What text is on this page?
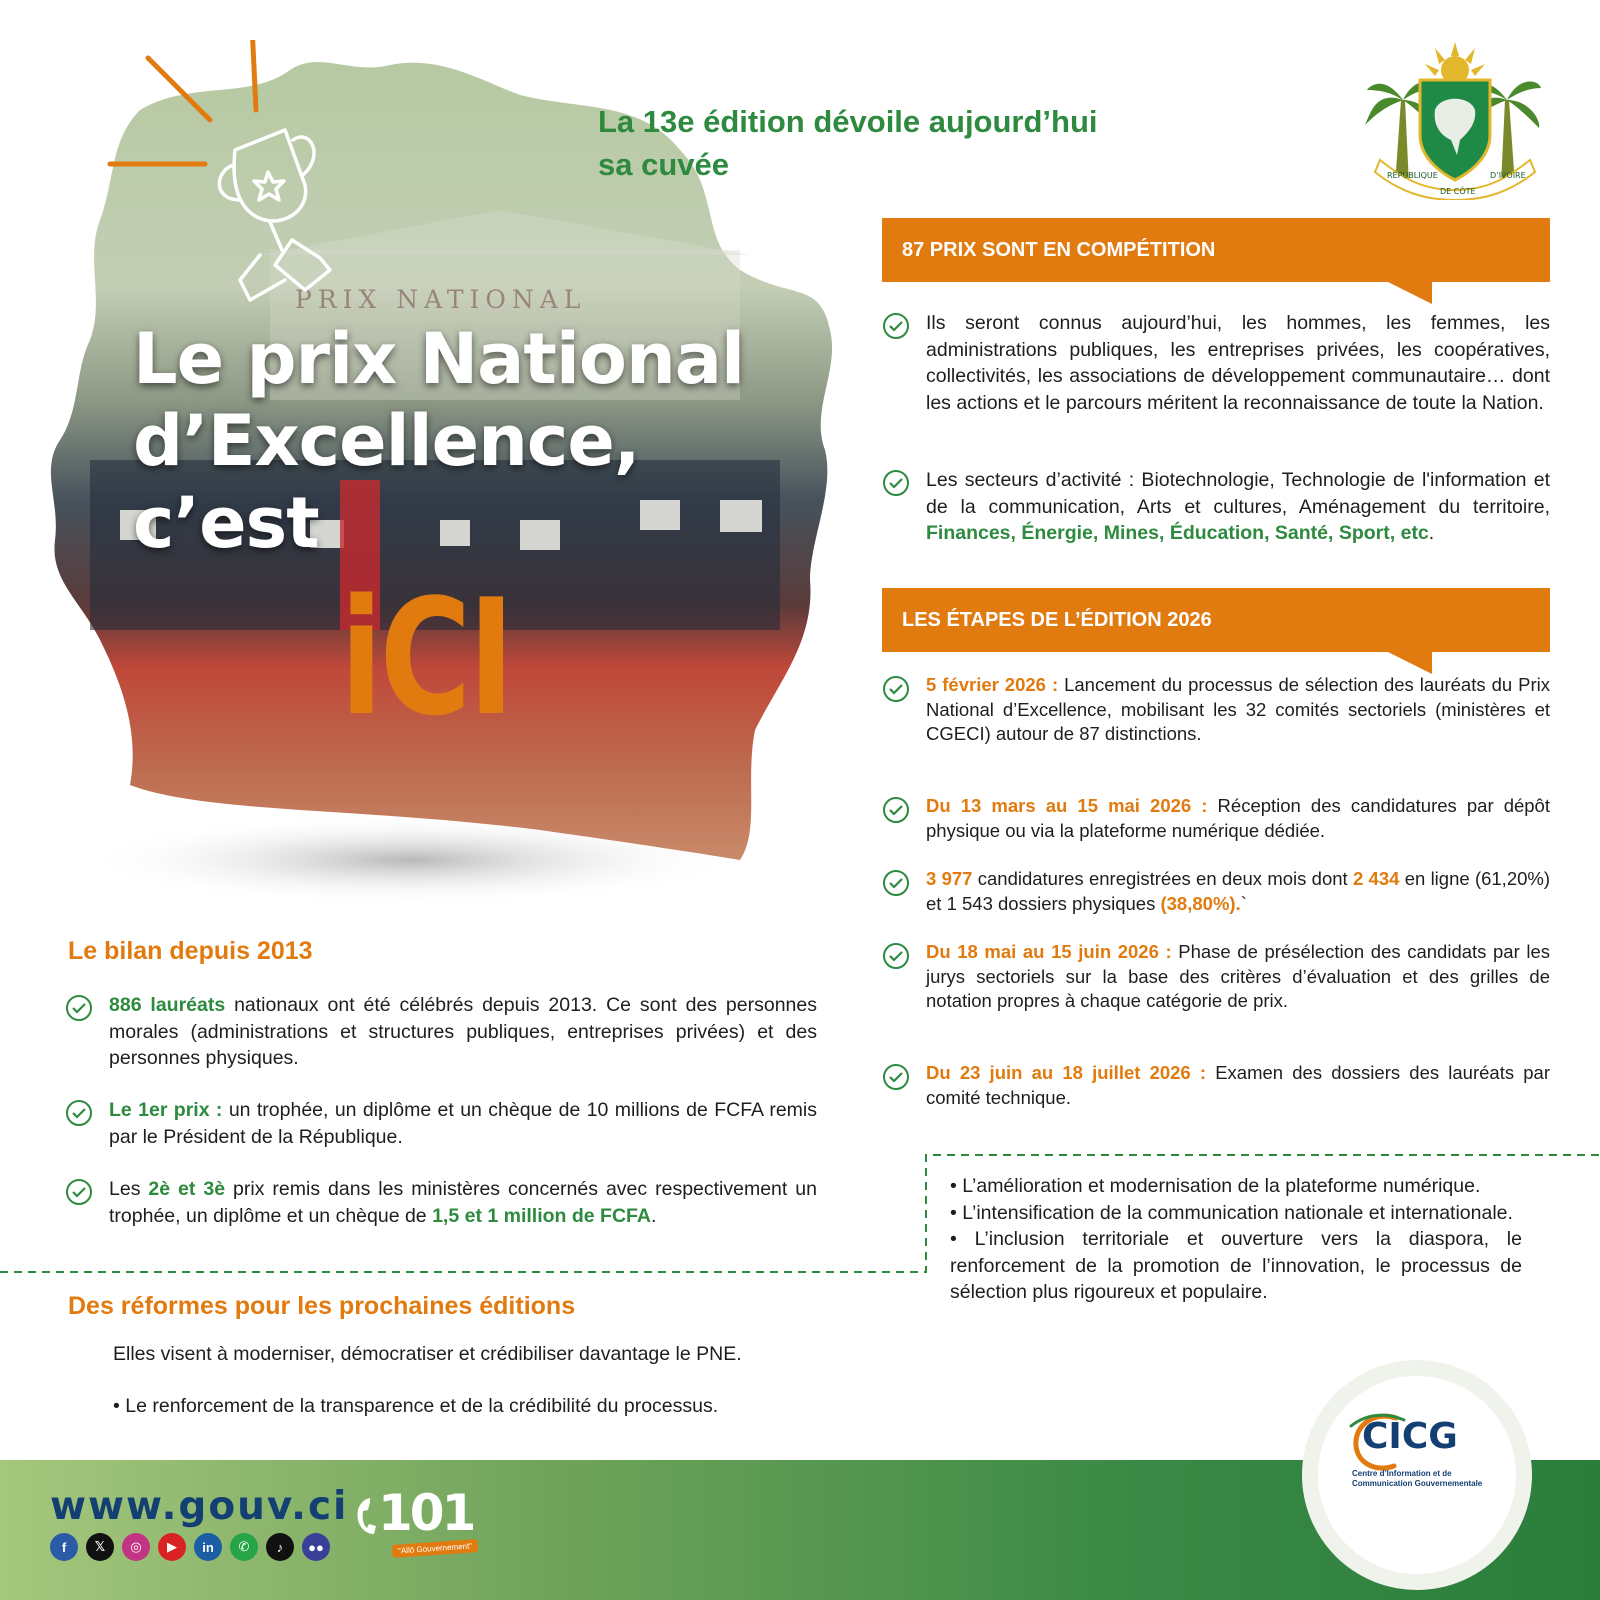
PRIX NATIONAL
Le prix National
d’Excellence,
c’est
iCI
La 13e édition dévoile aujourd’hui
sa cuvée	RÉPUBLIQUE
DE CÔTE
D’IVOIRE
87 PRIX SONT EN COMPÉTITION
Ils seront connus aujourd’hui, les hommes, les femmes, les administrations publiques, les entreprises privées, les coopératives, collectivités, les associations de développement communautaire… dont les actions et le parcours méritent la reconnaissance de toute la Nation.
Les secteurs d’activité : Biotechnologie, Technologie de l'information et de la communication, Arts et cultures, Aménagement du territoire, Finances, Énergie, Mines, Éducation, Santé, Sport, etc.
LES ÉTAPES DE L’ÉDITION 2026
5 février 2026 : Lancement du processus de sélection des lauréats du Prix National d’Excellence, mobilisant les 32 comités sectoriels (ministères et CGECI) autour de 87 distinctions.
Du 13 mars au 15 mai 2026 : Réception des candidatures par dépôt physique ou via la plateforme numérique dédiée.
3 977 candidatures enregistrées en deux mois dont 2 434 en ligne (61,20%) et 1 543 dossiers physiques (38,80%).`
Du 18 mai au 15 juin 2026 : Phase de présélection des candidats par les jurys sectoriels sur la base des critères d’évaluation et des grilles de notation propres à chaque catégorie de prix.
Du 23 juin au 18 juillet 2026 : Examen des dossiers des lauréats par comité technique.
Le bilan depuis 2013
886 lauréats nationaux ont été célébrés depuis 2013. Ce sont des personnes morales (administrations et structures publiques, entreprises privées) et des personnes physiques.
Le 1er prix : un trophée, un diplôme et un chèque de 10 millions de FCFA remis par le Président de la République.
Les 2è et 3è prix remis dans les ministères concernés avec respectivement un trophée, un diplôme et un chèque de 1,5 et 1 million de FCFA.
Des réformes pour les prochaines éditions
Elles visent à moderniser, démocratiser et crédibiliser davantage le PNE.
• Le renforcement de la transparence et de la crédibilité du processus.
• L’amélioration et modernisation de la plateforme numérique.
• L’intensification de la communication nationale et internationale.
• L’inclusion territoriale et ouverture vers la diaspora, le renforcement de la promotion de l’innovation, le processus de sélection plus rigoureux et populaire.
www.gouv.ci 101
"Allô Gouvernement"
f	𝕏	◎	▶	in	✆	♪	●●
CICG
Centre d’Information et de
Communication Gouvernementale
